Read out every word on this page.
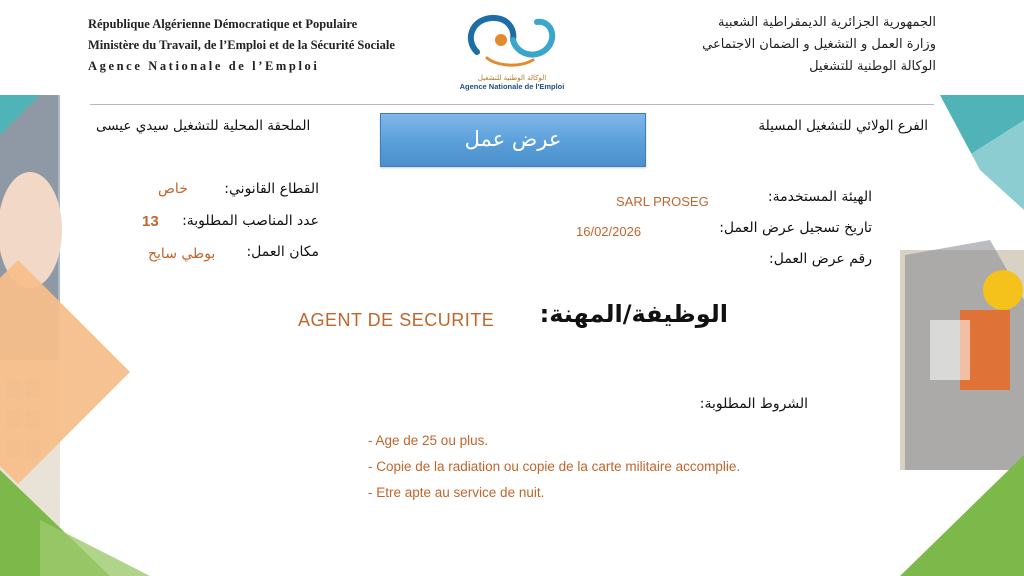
République Algérienne Démocratique et Populaire
Ministère du Travail, de l’Emploi et de la Sécurité Sociale
Agence Nationale de l’Emploi
الوكالة الوطنية للتشغيل
Agence Nationale de l'Emploi
الجمهورية الجزائرية الديمقراطية الشعبية
وزارة العمل و التشغيل و الضمان الاجتماعي
الوكالة الوطنية للتشغيل
الملحقة المحلية للتشغيل سيدي عيسى	الفرع الولائي للتشغيل المسيلة
عرض عمل
القطاع القانوني:
خاص
عدد المناصب المطلوبة:
13
مكان العمل:
بوطي سايح
الهيئة المستخدمة:
SARL PROSEG
تاريخ تسجيل عرض العمل:
16/02/2026
رقم عرض العمل:
AGENT DE SECURITE الوظيفة/المهنة:
الشروط المطلوبة:
- Age de 25 ou plus.
- Copie de la radiation ou copie de la carte militaire accomplie.
- Etre apte au service de nuit.
